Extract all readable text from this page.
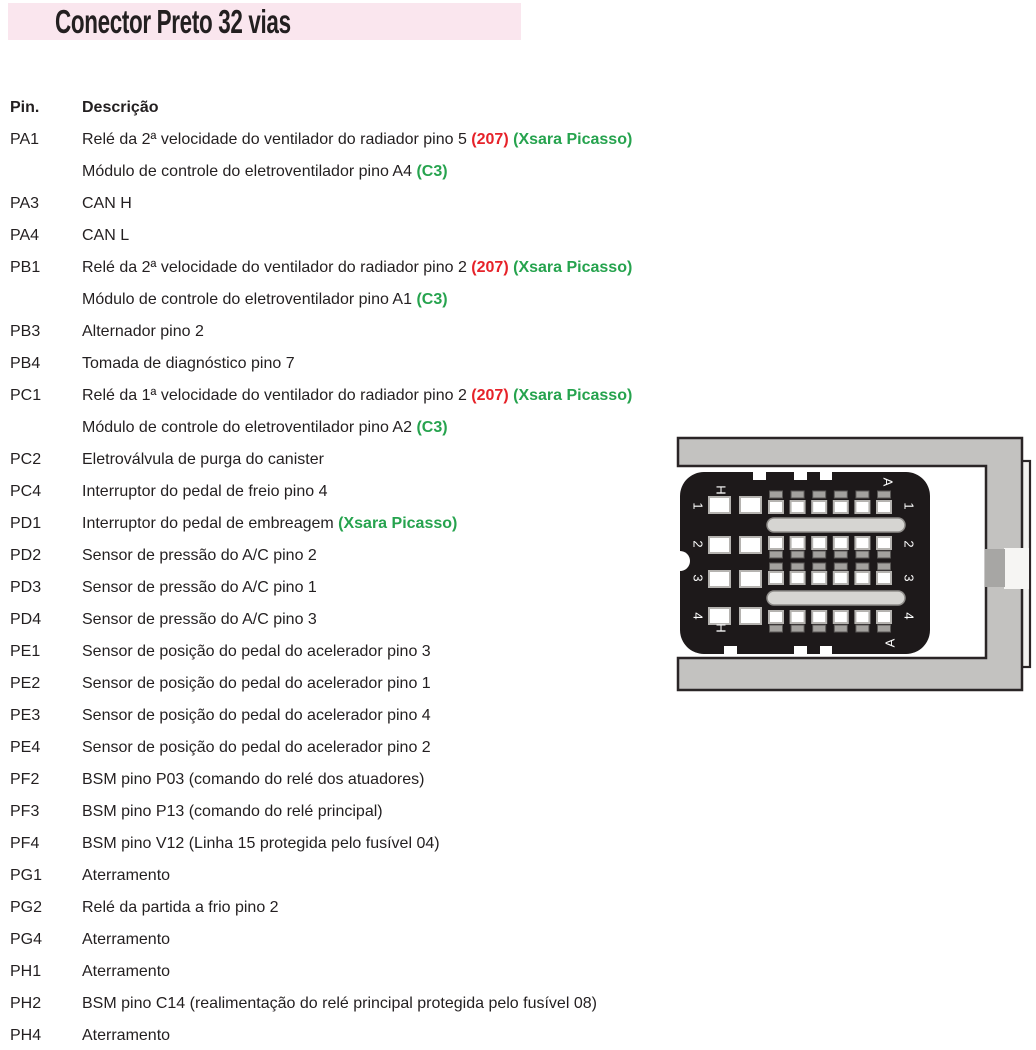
Conector Preto 32 vias
Pin.	Descrição
PA1	Relé da 2ª velocidade do ventilador do radiador pino 5 (207) (Xsara Picasso)
Módulo de controle do eletroventilador pino A4 (C3)
PA3	CAN H
PA4	CAN L
PB1	Relé da 2ª velocidade do ventilador do radiador pino 2 (207) (Xsara Picasso)
Módulo de controle do eletroventilador pino A1 (C3)
PB3	Alternador pino 2
PB4	Tomada de diagnóstico pino 7
PC1	Relé da 1ª velocidade do ventilador do radiador pino 2 (207) (Xsara Picasso)
Módulo de controle do eletroventilador pino A2 (C3)
PC2	Eletroválvula de purga do canister
PC4	Interruptor do pedal de freio pino 4
PD1	Interruptor do pedal de embreagem (Xsara Picasso)
PD2	Sensor de pressão do A/C pino 2
PD3	Sensor de pressão do A/C pino 1
PD4	Sensor de pressão do A/C pino 3
PE1	Sensor de posição do pedal do acelerador pino 3
PE2	Sensor de posição do pedal do acelerador pino 1
PE3	Sensor de posição do pedal do acelerador pino 4
PE4	Sensor de posição do pedal do acelerador pino 2
PF2	BSM pino P03 (comando do relé dos atuadores)
PF3	BSM pino P13 (comando do relé principal)
PF4	BSM pino V12 (Linha 15 protegida pelo fusível 04)
PG1	Aterramento
PG2	Relé da partida a frio pino 2
PG4	Aterramento
PH1	Aterramento
PH2	BSM pino C14 (realimentação do relé principal protegida pelo fusível 08)
PH4	Aterramento
1	1
2	2
3	3
4	4
H
H
A
A
